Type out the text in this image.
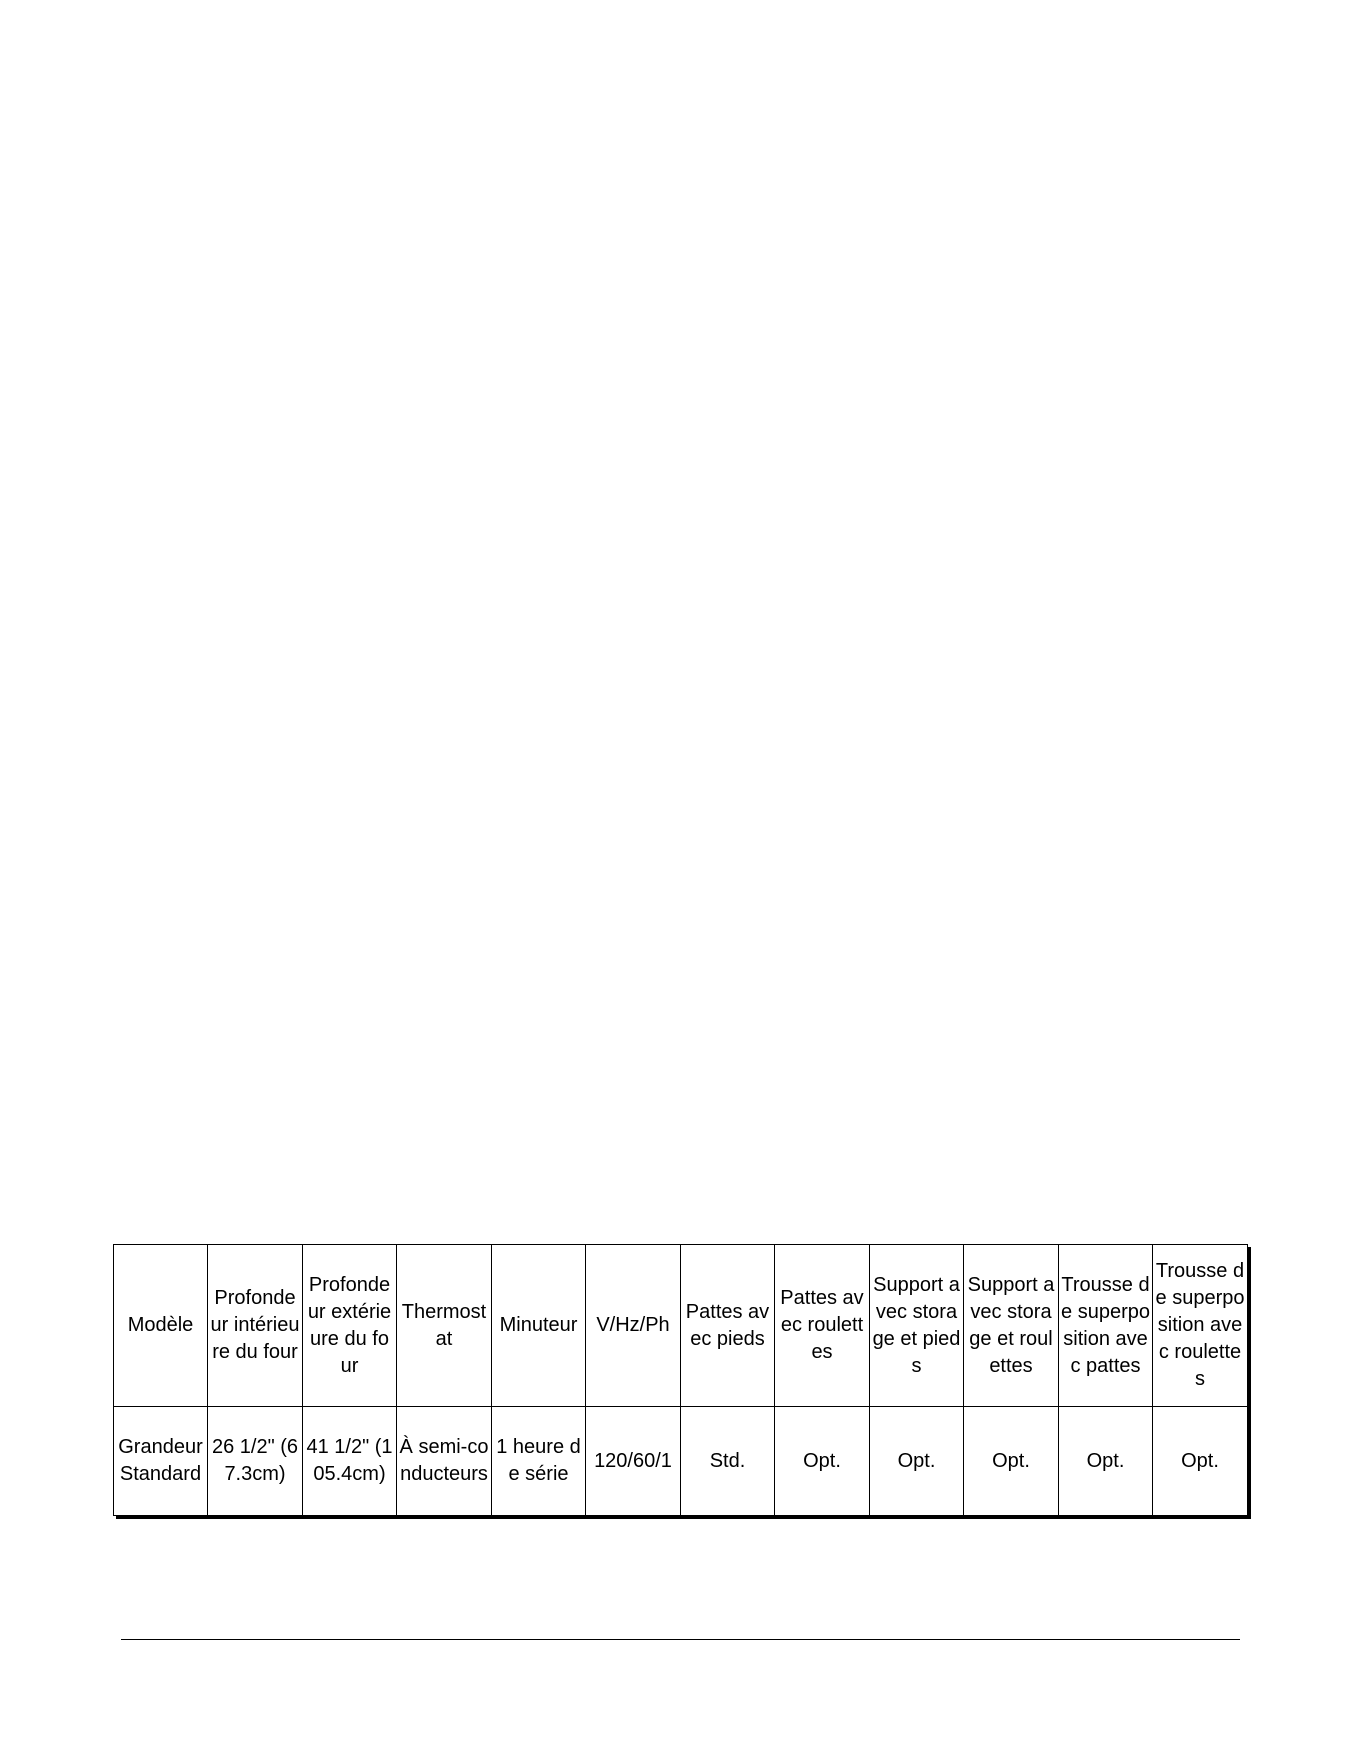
Modèle	Profondeur intérieure du four	Profondeur extérieure du four	Thermostat	Minuteur	V/Hz/Ph	Pattes avec pieds	Pattes avec roulettes	Support avec storage et pieds	Support avec storage et roulettes	Trousse de superposition avec pattes	Trousse de superposition avec roulettes

Grandeur Standard	26 1/2" (67.3cm)	41 1/2" (105.4cm)	À semi-conducteurs	1 heure de série	120/60/1	Std.	Opt.	Opt.	Opt.	Opt.	Opt.
